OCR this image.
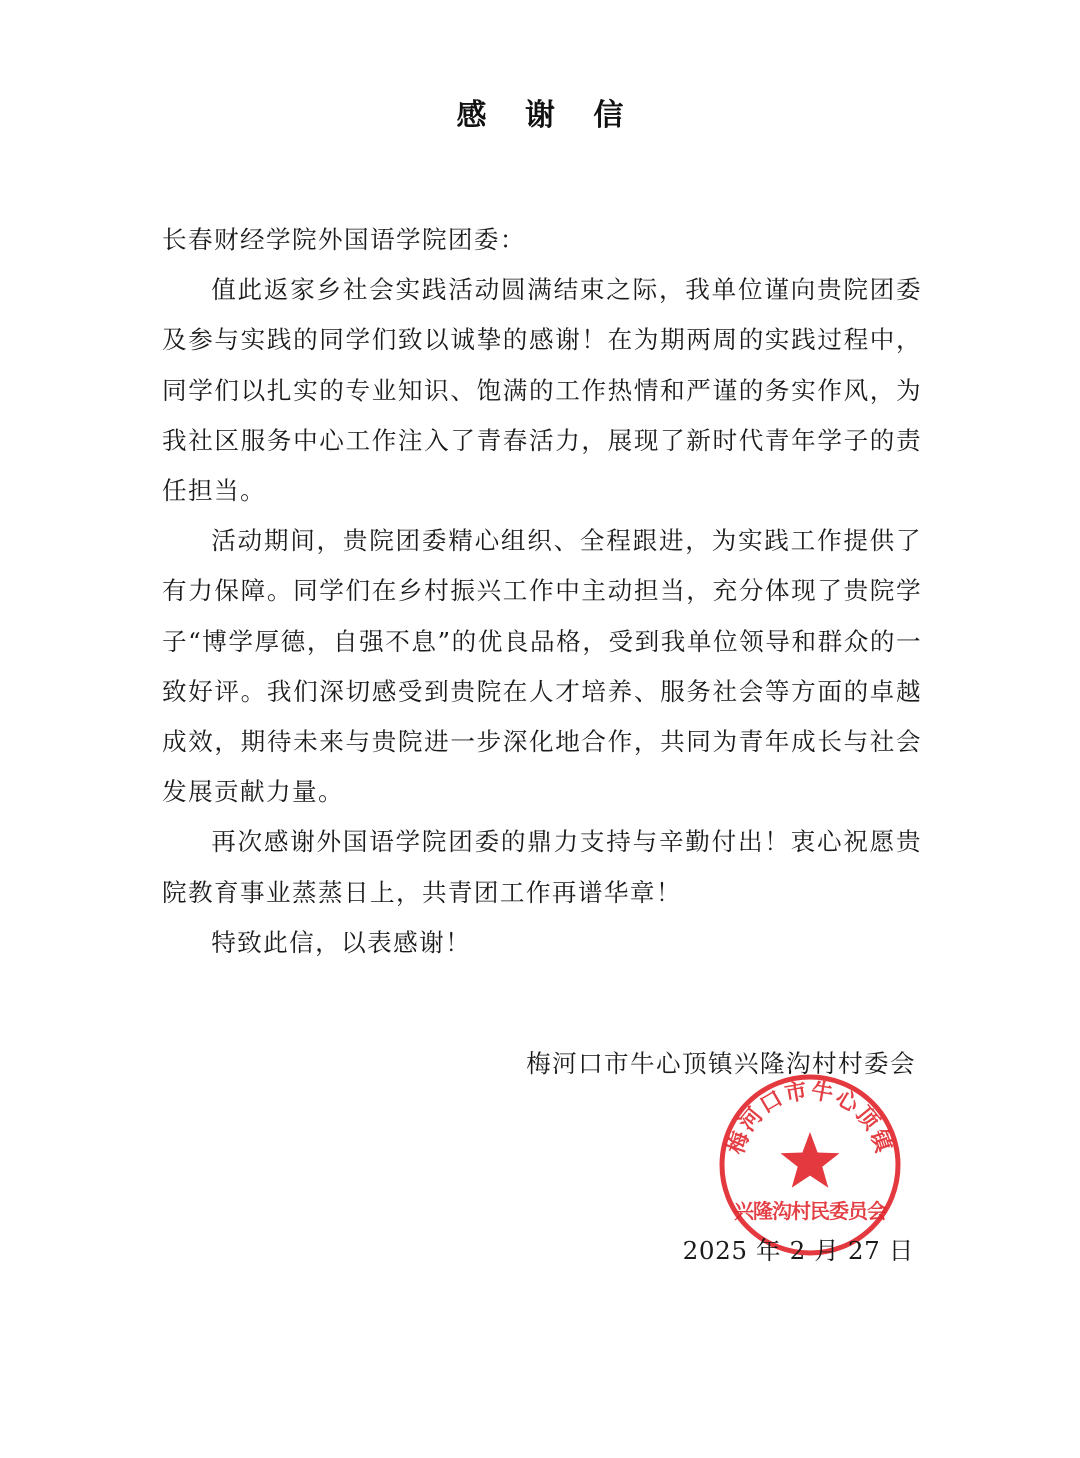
感 谢 信

长春财经学院外国语学院团委：

值此返家乡社会实践活动圆满结束之际，我单位谨向贵院团委及参与实践的同学们致以诚挚的感谢！在为期两周的实践过程中，同学们以扎实的专业知识、饱满的工作热情和严谨的务实作风，为我社区服务中心工作注入了青春活力，展现了新时代青年学子的责任担当。

活动期间，贵院团委精心组织、全程跟进，为实践工作提供了有力保障。同学们在乡村振兴工作中主动担当，充分体现了贵院学子“博学厚德，自强不息”的优良品格，受到我单位领导和群众的一致好评。我们深切感受到贵院在人才培养、服务社会等方面的卓越成效，期待未来与贵院进一步深化地合作，共同为青年成长与社会发展贡献力量。

再次感谢外国语学院团委的鼎力支持与辛勤付出！衷心祝愿贵院教育事业蒸蒸日上，共青团工作再谱华章！

特致此信，以表感谢！

梅河口市牛心顶镇兴隆沟村村委会
梅河口市牛心顶镇
兴隆沟村民委员会
2025 年 2 月 27 日
